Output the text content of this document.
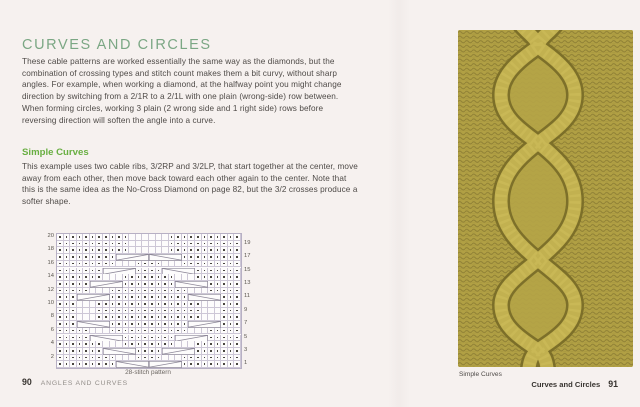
CURVES AND CIRCLES
These cable patterns are worked essentially the same way as the diamonds, but the combination of crossing types and stitch count makes them a bit curvy, without sharp angles. For example, when working a diamond, at the halfway point you might change direction by switching from a 2/1R to a 2/1L with one plain (wrong-side) row between. When forming circles, working 3 plain (2 wrong side and 1 right side) rows before reversing direction will soften the angle into a curve.
Simple Curves
This example uses two cable ribs, 3/2RP and 3/2LP, that start together at the center, move away from each other, then move back toward each other again to the center. Note that this is the same idea as the No-Cross Diamond on page 82, but the 3/2 crosses produce a softer shape.
28-stitch pattern
20
19
18
17
16
15
14
13
12
11
10
9
8
7
6
5
4
3
2
1
90 ANGLES AND CURVES
Simple Curves
Curves and Circles 91
